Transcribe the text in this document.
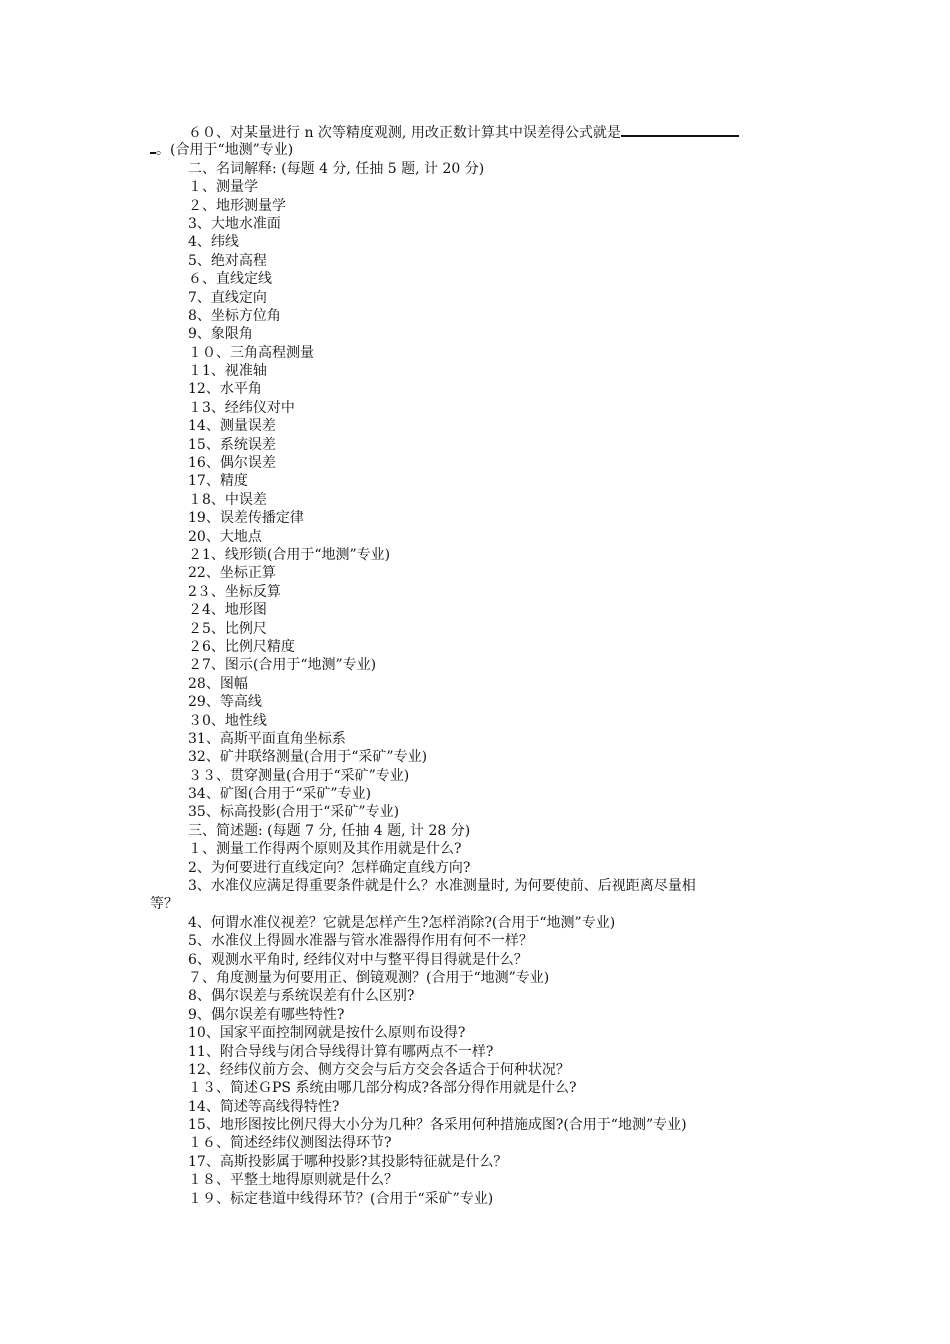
６０、对某量进行 n 次等精度观测, 用改正数计算其中误差得公式就是
。(合用于“地测”专业)
二、名词解释: (每题 4 分, 任抽 5 题, 计 20 分)
１、测量学
２、地形测量学
3、大地水准面
4、纬线
5、绝对高程
６、直线定线
7、直线定向
8、坐标方位角
9、象限角
１０、三角高程测量
１1、视准轴
12、水平角
１3、经纬仪对中
14、测量误差
15、系统误差
16、偶尔误差
17、精度
１8、中误差
19、误差传播定律
20、大地点
２1、线形锁(合用于“地测”专业)
22、坐标正算
2３、坐标反算
２4、地形图
２5、比例尺
２6、比例尺精度
２7、图示(合用于“地测”专业)
28、图幅
29、等高线
３0、地性线
31、高斯平面直角坐标系
32、矿井联络测量(合用于“采矿”专业)
３３、贯穿测量(合用于“采矿”专业)
34、矿图(合用于“采矿”专业)
35、标高投影(合用于“采矿”专业)
三、简述题: (每题 7 分, 任抽 4 题, 计 28 分)
１、测量工作得两个原则及其作用就是什么?
2、为何要进行直线定向？怎样确定直线方向?
3、水准仪应满足得重要条件就是什么？水准测量时, 为何要使前、后视距离尽量相
等？
4、何谓水准仪视差？它就是怎样产生?怎样消除?(合用于“地测”专业)
5、水准仪上得圆水准器与管水准器得作用有何不一样？
6、观测水平角时, 经纬仪对中与整平得目得就是什么？
７、角度测量为何要用正、倒镜观测？(合用于“地测”专业)
8、偶尔误差与系统误差有什么区别?
9、偶尔误差有哪些特性?
10、国家平面控制网就是按什么原则布设得?
11、附合导线与闭合导线得计算有哪两点不一样?
12、经纬仪前方会、侧方交会与后方交会各适合于何种状况？
１３、简述ＧPS 系统由哪几部分构成?各部分得作用就是什么?
14、简述等高线得特性?
15、地形图按比例尺得大小分为几种？各采用何种措施成图?(合用于“地测”专业)
１６、简述经纬仪测图法得环节?
17、高斯投影属于哪种投影?其投影特征就是什么？
１８、平整土地得原则就是什么？
１９、标定巷道中线得环节？(合用于“采矿”专业)
